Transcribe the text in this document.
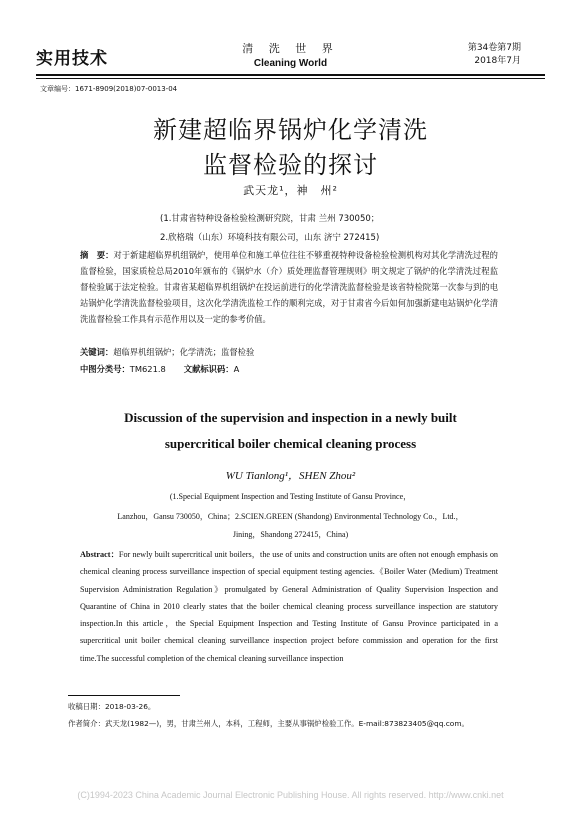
实用技术
清 洗 世 界
Cleaning World
第34卷第7期
2018年7月
文章编号：1671-8909(2018)07-0013-04
新建超临界锅炉化学清洗
监督检验的探讨
武天龙¹，神　州²
(1.甘肃省特种设备检验检测研究院，甘肃 兰州 730050；
2.欣格瑞（山东）环境科技有限公司，山东 济宁 272415)
摘　要：对于新建超临界机组锅炉，使用单位和施工单位往往不够重视特种设备检验检测机构对其化学清洗过程的监督检验，国家质检总局2010年颁布的《锅炉水（介）质处理监督管理规则》明文规定了锅炉的化学清洗过程监督检验属于法定检验。甘肃省某超临界机组锅炉在投运前进行的化学清洗监督检验是该省特检院第一次参与到的电站锅炉化学清洗监督检验项目，这次化学清洗监检工作的顺利完成，对于甘肃省今后如何加强新建电站锅炉化学清洗监督检验工作具有示范作用以及一定的参考价值。
关键词：超临界机组锅炉；化学清洗；监督检验
中图分类号：TM621.8 文献标识码：A
Discussion of the supervision and inspection in a newly built
supercritical boiler chemical cleaning process
WU Tianlong¹，SHEN Zhou²
(1.Special Equipment Inspection and Testing Institute of Gansu Province，
Lanzhou，Gansu 730050，China；2.SCIEN.GREEN (Shandong) Environmental Technology Co.，Ltd.，
Jining，Shandong 272415，China)
Abstract：For newly built supercritical unit boilers，the use of units and construction units are often not enough emphasis on chemical cleaning process surveillance inspection of special equipment testing agencies.《Boiler Water (Medium) Treatment Supervision Administration Regulation》promulgated by General Administration of Quality Supervision Inspection and Quarantine of China in 2010 clearly states that the boiler chemical cleaning process surveillance inspection are statutory inspection.In this article，the Special Equipment Inspection and Testing Institute of Gansu Province participated in a supercritical unit boiler chemical cleaning surveillance inspection project before commission and operation for the first time.The successful completion of the chemical cleaning surveillance inspection
收稿日期：2018-03-26。
作者简介：武天龙(1982—)，男，甘肃兰州人，本科，工程师，主要从事锅炉检验工作。E-mail:873823405@qq.com。
(C)1994-2023 China Academic Journal Electronic Publishing House. All rights reserved. http://www.cnki.net
